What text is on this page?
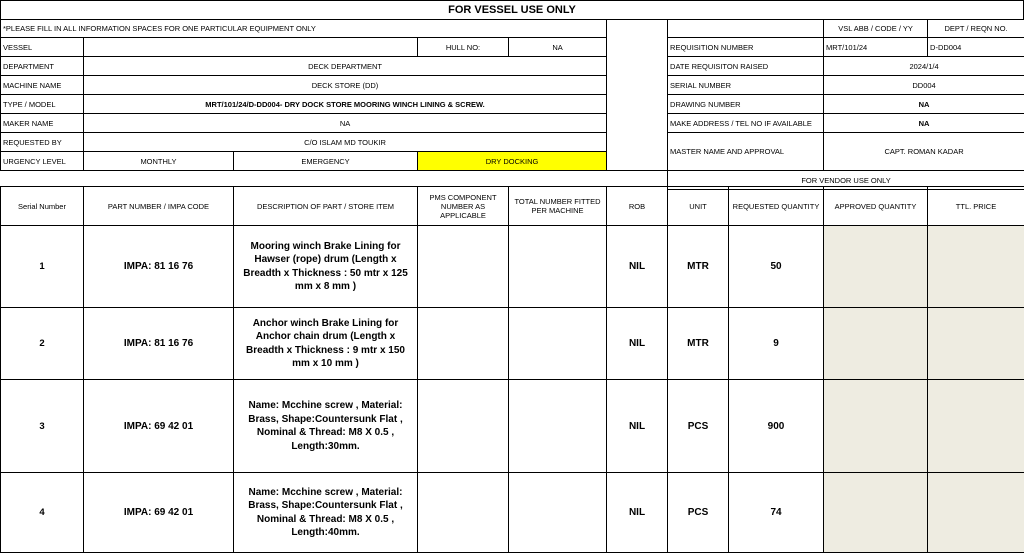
FOR VESSEL USE ONLY
*PLEASE FILL IN ALL INFORMATION SPACES FOR ONE PARTICULAR EQUIPMENT ONLY							VSL ABB / CODE / YY	DEPT / REQN NO.
VESSEL			HULL NO:	NA		REQUISITION NUMBER	MRT/101/24	D-DD004
DEPARTMENT	DECK DEPARTMENT					DATE REQUISITON RAISED	2024/1/4	
MACHINE NAME	DECK STORE (DD)					SERIAL NUMBER	DD004	
TYPE / MODEL	MRT/101/24/D-DD004- DRY DOCK STORE MOORING WINCH LINING & SCREW.					DRAWING NUMBER	NA	
MAKER NAME	NA					MAKE ADDRESS / TEL NO IF AVAILABLE	NA	
REQUESTED BY	C/O ISLAM MD TOUKIR					MASTER NAME AND APPROVAL	CAPT. ROMAN KADAR	
URGENCY LEVEL	MONTHLY	EMERGENCY	DRY DOCKING					
						FOR VENDOR USE ONLY		
Serial Number	PART NUMBER / IMPA CODE	DESCRIPTION OF PART / STORE ITEM	PMS COMPONENT NUMBER AS APPLICABLE	TOTAL NUMBER FITTED PER MACHINE	ROB	UNIT	REQUESTED QUANTITY	APPROVED QUANTITY	TTL. PRICE
1	IMPA: 81 16 76	Mooring winch Brake Lining for Hawser (rope) drum (Length x Breadth x Thickness : 50 mtr x 125 mm x 8 mm )			NIL	MTR	50		
2	IMPA: 81 16 76	Anchor winch Brake Lining for Anchor chain drum (Length x Breadth x Thickness : 9 mtr x 150 mm x 10 mm )			NIL	MTR	9		
3	IMPA: 69 42 01	Name: Mcchine screw , Material: Brass, Shape:Countersunk Flat , Nominal & Thread: M8 X 0.5 , Length:30mm.			NIL	PCS	900		
4	IMPA: 69 42 01	Name: Mcchine screw , Material: Brass, Shape:Countersunk Flat , Nominal & Thread: M8 X 0.5 , Length:40mm.			NIL	PCS	74		
